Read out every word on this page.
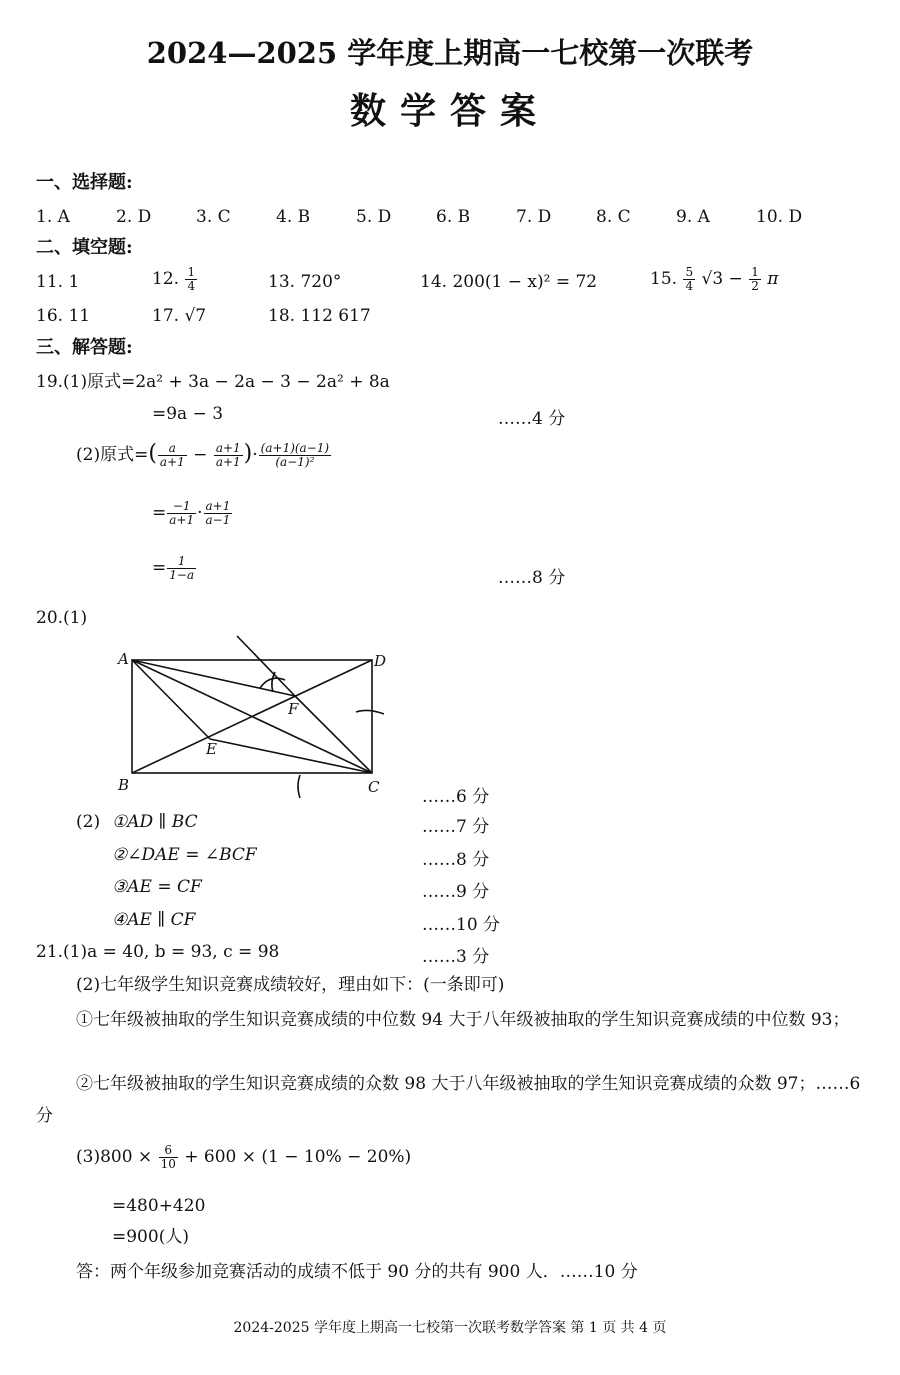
2024—2025 学年度上期高一七校第一次联考
数学答案
一、选择题:
1. A	2. D	3. C	4. B	5. D	6. B	7. D	8. C	9. A	10. D
二、填空题:
11. 1	12. $\frac{1}{4}$	13. 720°	14. 200(1 − x)² = 72	15. $\frac{5}{4} √3 - \frac{1}{2}$ π
16. 11	17. √7	18. 112 617
三、解答题:
19.(1)原式=2a² + 3a − 2a − 3 − 2a² + 8a
=9a − 3	……4 分
(2)原式=( $\frac{a}{a+1} - \frac{a+1}{a+1}$ )· $\frac{(a+1)(a-1)}{\text{(a−1)²}}$
= $\frac{-1}{a+1} \cdot \frac{a+1}{a-1}$
= $\frac{1}{1-a}$	……8 分
20.(1)
A	D
B	C
E
F
……6 分
(2) ①AD ∥ BC	……7 分
②∠DAE = ∠BCF	……8 分
③AE = CF	……9 分
④AE ∥ CF	……10 分
21.(1)a = 40, b = 93, c = 98	……3 分
(2)七年级学生知识竞赛成绩较好，理由如下：(一条即可)
①七年级被抽取的学生知识竞赛成绩的中位数 94 大于八年级被抽取的学生知识竞赛成绩的中位数 93；
②七年级被抽取的学生知识竞赛成绩的众数 98 大于八年级被抽取的学生知识竞赛成绩的众数 97；……6 分
$(3)800 \times \frac{6}{10} + 600 \times (1 - 10\% - 20\%)$
=480+420
=900(人)
答：两个年级参加竞赛活动的成绩不低于 90 分的共有 900 人．……10 分
2024-2025 学年度上期高一七校第一次联考数学答案 第 1 页 共 4 页
